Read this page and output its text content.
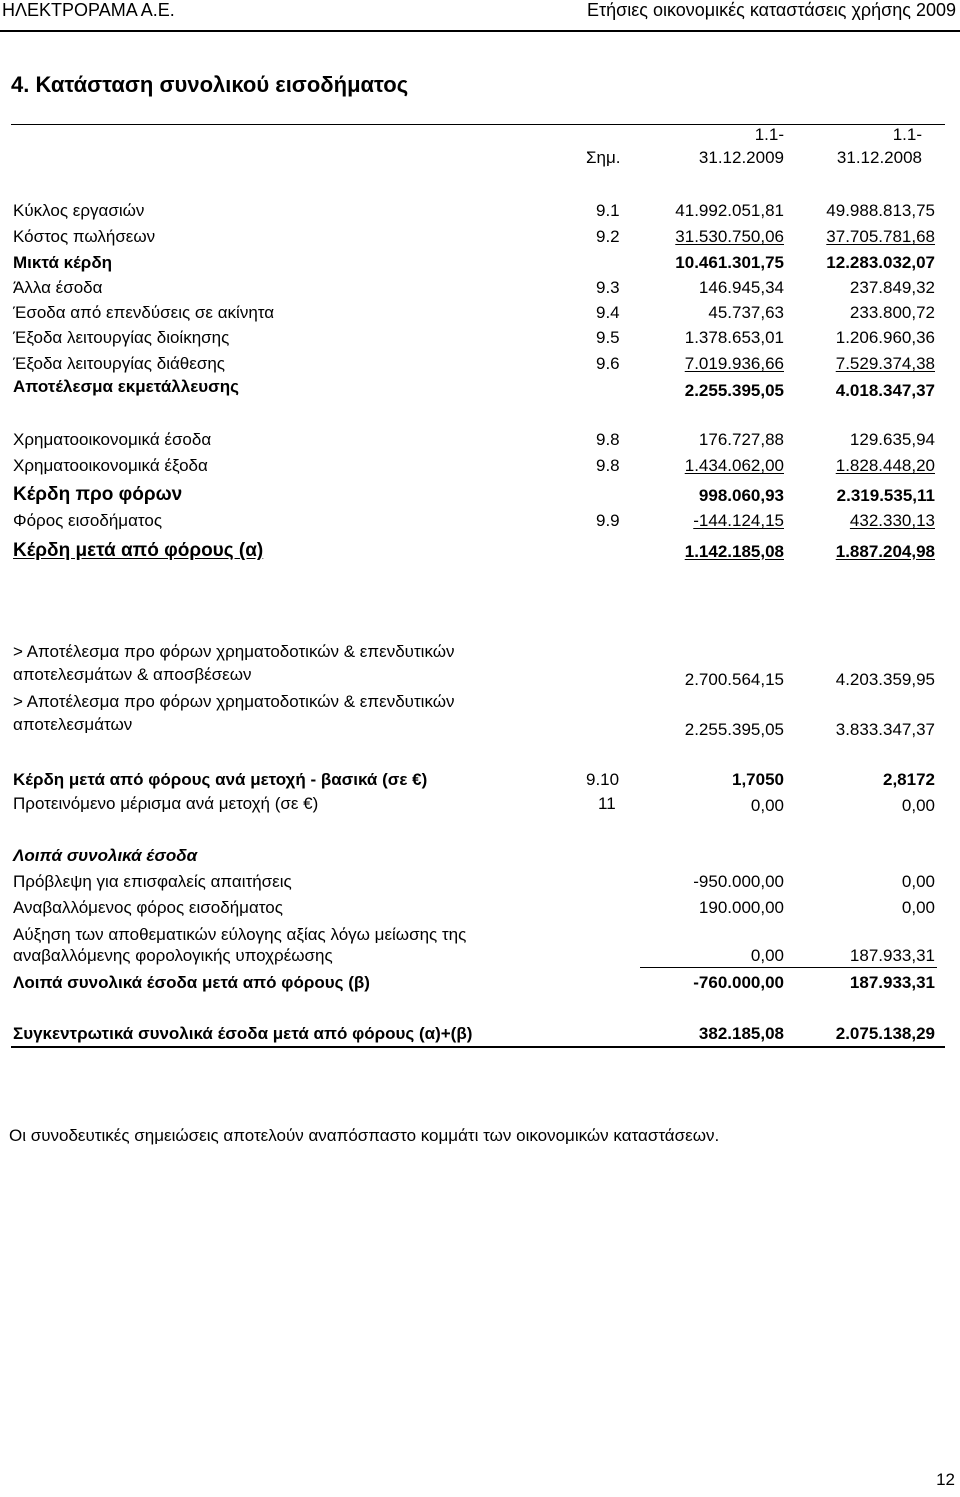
ΗΛΕΚΤΡΟΡΑΜΑ Α.Ε.	Ετήσιες οικονομικές καταστάσεις χρήσης 2009
4. Κατάσταση συνολικού εισοδήματος
Σημ.
1.1-
31.12.2009
1.1-
31.12.2008
Κύκλος εργασιών	9.1	41.992.051,81 49.988.813,75
Κόστος πωλήσεων	9.2	31.530.750,06 37.705.781,68
Μικτά κέρδη	10.461.301,75 12.283.032,07
Άλλα έσοδα	9.3	146.945,34	237.849,32
Έσοδα από επενδύσεις σε ακίνητα	9.4	45.737,63	233.800,72
Έξοδα λειτουργίας διοίκησης	9.5	1.378.653,01	1.206.960,36
Έξοδα λειτουργίας διάθεσης	9.6	7.019.936,66	7.529.374,38
Αποτέλεσμα εκμετάλλευσης	2.255.395,05	4.018.347,37
Χρηματοοικονομικά έσοδα	9.8	176.727,88	129.635,94
Χρηματοοικονομικά έξοδα	9.8	1.434.062,00	1.828.448,20
Κέρδη προ φόρων	998.060,93	2.319.535,11
Φόρος εισοδήματος	9.9	-144.124,15	432.330,13
Κέρδη μετά από φόρους (α)	1.142.185,08	1.887.204,98
> Αποτέλεσμα προ φόρων χρηματοδοτικών & επενδυτικών
αποτελεσμάτων & αποσβέσεων	2.700.564,15	4.203.359,95
> Αποτέλεσμα προ φόρων χρηματοδοτικών & επενδυτικών
αποτελεσμάτων	2.255.395,05	3.833.347,37
Κέρδη μετά από φόρους ανά μετοχή - βασικά (σε €)	9.10	1,7050	2,8172
Προτεινόμενο μέρισμα ανά μετοχή (σε €)	11	0,00	0,00
Λοιπά συνολικά έσοδα
Πρόβλεψη για επισφαλείς απαιτήσεις	-950.000,00	0,00
Αναβαλλόμενος φόρος εισοδήματος	190.000,00	0,00
Αύξηση των αποθεματικών εύλογης αξίας λόγω μείωσης της
αναβαλλόμενης φορολογικής υποχρέωσης	0,00	187.933,31
Λοιπά συνολικά έσοδα μετά από φόρους (β)	-760.000,00	187.933,31
Συγκεντρωτικά συνολικά έσοδα μετά από φόρους (α)+(β)	382.185,08	2.075.138,29
Οι συνοδευτικές σημειώσεις αποτελούν αναπόσπαστο κομμάτι των οικονομικών καταστάσεων.
12
